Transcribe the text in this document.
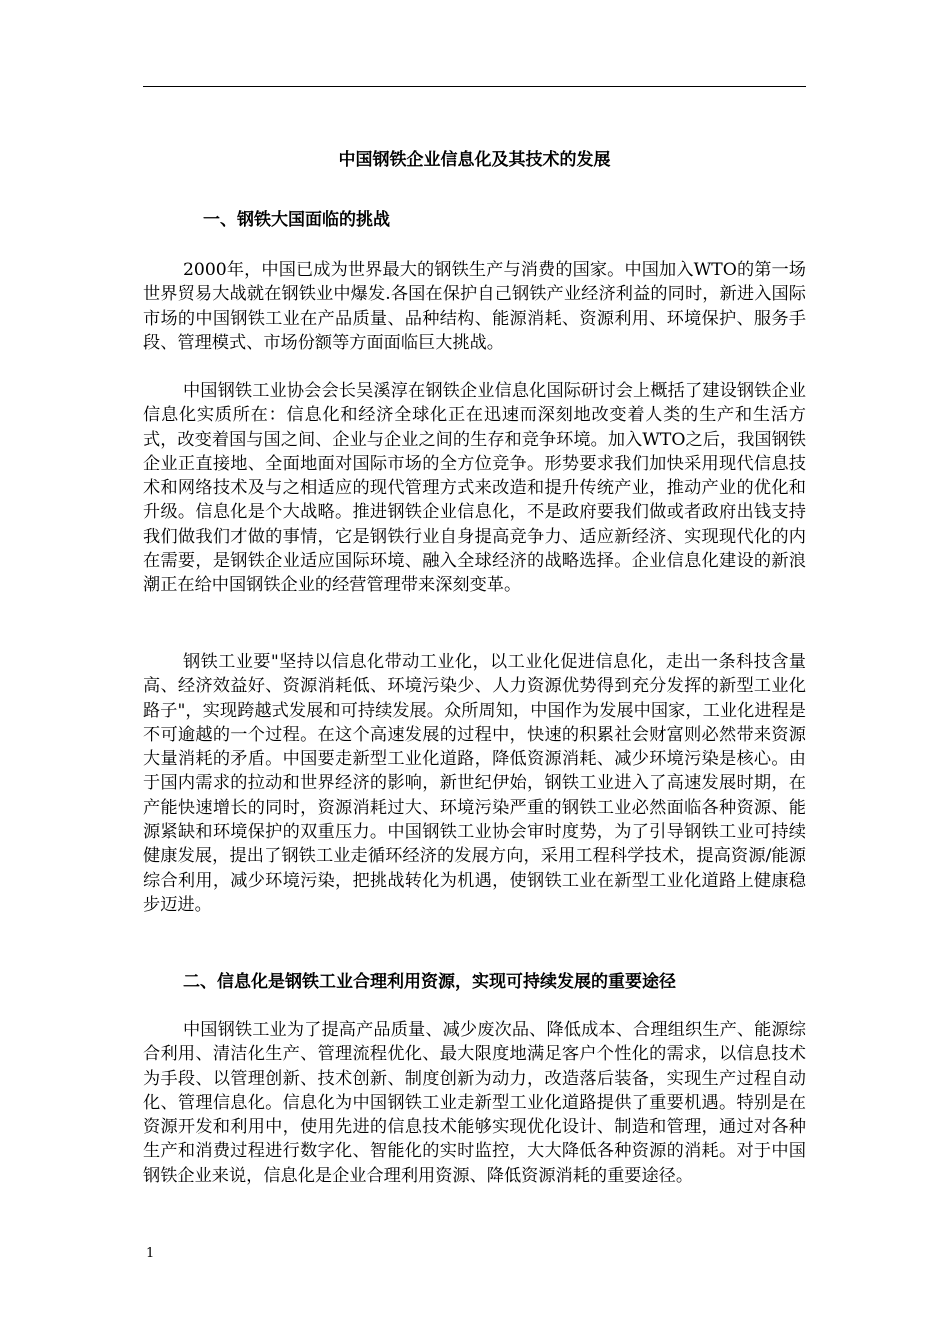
中国钢铁企业信息化及其技术的发展
一、钢铁大国面临的挑战

2000年，中国已成为世界最大的钢铁生产与消费的国家。中国加入WTO的第一场世界贸易大战就在钢铁业中爆发.各国在保护自己钢铁产业经济利益的同时，新进入国际市场的中国钢铁工业在产品质量、品种结构、能源消耗、资源利用、环境保护、服务手段、管理模式、市场份额等方面面临巨大挑战。

中国钢铁工业协会会长吴溪淳在钢铁企业信息化国际研讨会上概括了建设钢铁企业信息化实质所在：信息化和经济全球化正在迅速而深刻地改变着人类的生产和生活方式，改变着国与国之间、企业与企业之间的生存和竞争环境。加入WTO之后，我国钢铁企业正直接地、全面地面对国际市场的全方位竞争。形势要求我们加快采用现代信息技术和网络技术及与之相适应的现代管理方式来改造和提升传统产业，推动产业的优化和升级。信息化是个大战略。推进钢铁企业信息化，不是政府要我们做或者政府出钱支持我们做我们才做的事情，它是钢铁行业自身提高竞争力、适应新经济、实现现代化的内在需要，是钢铁企业适应国际环境、融入全球经济的战略选择。企业信息化建设的新浪潮正在给中国钢铁企业的经营管理带来深刻变革。

钢铁工业要"坚持以信息化带动工业化，以工业化促进信息化，走出一条科技含量高、经济效益好、资源消耗低、环境污染少、人力资源优势得到充分发挥的新型工业化路子"，实现跨越式发展和可持续发展。众所周知，中国作为发展中国家，工业化进程是不可逾越的一个过程。在这个高速发展的过程中，快速的积累社会财富则必然带来资源大量消耗的矛盾。中国要走新型工业化道路，降低资源消耗、减少环境污染是核心。由于国内需求的拉动和世界经济的影响，新世纪伊始，钢铁工业进入了高速发展时期，在产能快速增长的同时，资源消耗过大、环境污染严重的钢铁工业必然面临各种资源、能源紧缺和环境保护的双重压力。中国钢铁工业协会审时度势，为了引导钢铁工业可持续健康发展，提出了钢铁工业走循环经济的发展方向，采用工程科学技术，提高资源/能源综合利用，减少环境污染，把挑战转化为机遇，使钢铁工业在新型工业化道路上健康稳步迈进。

二、信息化是钢铁工业合理利用资源，实现可持续发展的重要途径

中国钢铁工业为了提高产品质量、减少废次品、降低成本、合理组织生产、能源综合利用、清洁化生产、管理流程优化、最大限度地满足客户个性化的需求，以信息技术为手段、以管理创新、技术创新、制度创新为动力，改造落后装备，实现生产过程自动化、管理信息化。信息化为中国钢铁工业走新型工业化道路提供了重要机遇。特别是在资源开发和利用中，使用先进的信息技术能够实现优化设计、制造和管理，通过对各种生产和消费过程进行数字化、智能化的实时监控，大大降低各种资源的消耗。对于中国钢铁企业来说，信息化是企业合理利用资源、降低资源消耗的重要途径。

1
